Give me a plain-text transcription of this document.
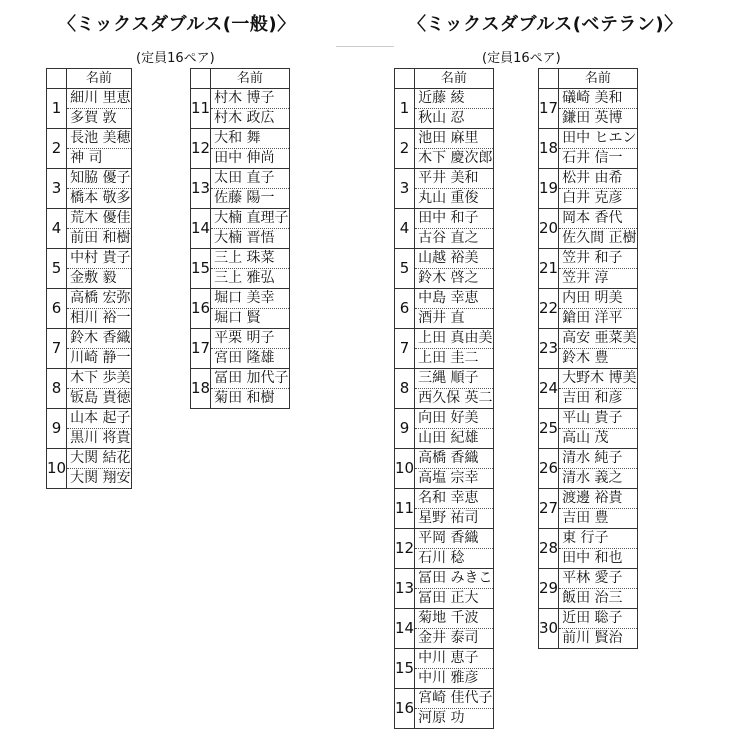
〈ミックスダブルス(一般)〉
(定員16ペア)
	名前
1	細川 里恵
多賀 敦

2	長池 美穂
神 司

3	知脇 優子
橋本 敬多

4	荒木 優佳
前田 和樹

5	中村 貴子
金敷 毅

6	高橋 宏弥
相川 裕一

7	鈴木 香織
川崎 静一

8	木下 歩美
钣島 貴徳

9	山本 起子
黒川 将貴

10	大関 結花
大関 翔安
	名前
11	村木 博子
村木 政広

12	大和 舞
田中 伸尚

13	太田 直子
佐藤 陽一

14	大楠 直理子
大楠 晋悟

15	三上 珠菜
三上 雅弘

16	堀口 美幸
堀口 賢

17	平栗 明子
宮田 隆雄

18	冨田 加代子
菊田 和樹
〈ミックスダブルス(ベテラン)〉
(定員16ペア)
	名前
1	近藤 綾
秋山 忍

2	池田 麻里
木下 慶次郎

3	平井 美和
丸山 重俊

4	田中 和子
古谷 直之

5	山越 裕美
鈴木 啓之

6	中島 幸恵
酒井 直

7	上田 真由美
上田 圭二

8	三縄 順子
西久保 英二

9	向田 好美
山田 紀雄

10	高橋 香織
高塩 宗幸

11	名和 幸恵
星野 祐司

12	平岡 香織
石川 稔

13	冨田 みきこ
冨田 正大

14	菊地 千波
金井 泰司

15	中川 恵子
中川 雅彦

16	宮崎 佳代子
河原 功
	名前
17	礒崎 美和
鎌田 英博

18	田中 ヒエン
石井 信一

19	松井 由希
白井 克彦

20	岡本 香代
佐久間 正樹

21	笠井 和子
笠井 淳

22	内田 明美
鎗田 洋平

23	高安 亜菜美
鈴木 豊

24	大野木 博美
吉田 和彦

25	平山 貴子
高山 茂

26	清水 純子
清水 義之

27	渡邊 裕貴
吉田 豊

28	東 行子
田中 和也

29	平林 愛子
飯田 治三

30	近田 聡子
前川 賢治
